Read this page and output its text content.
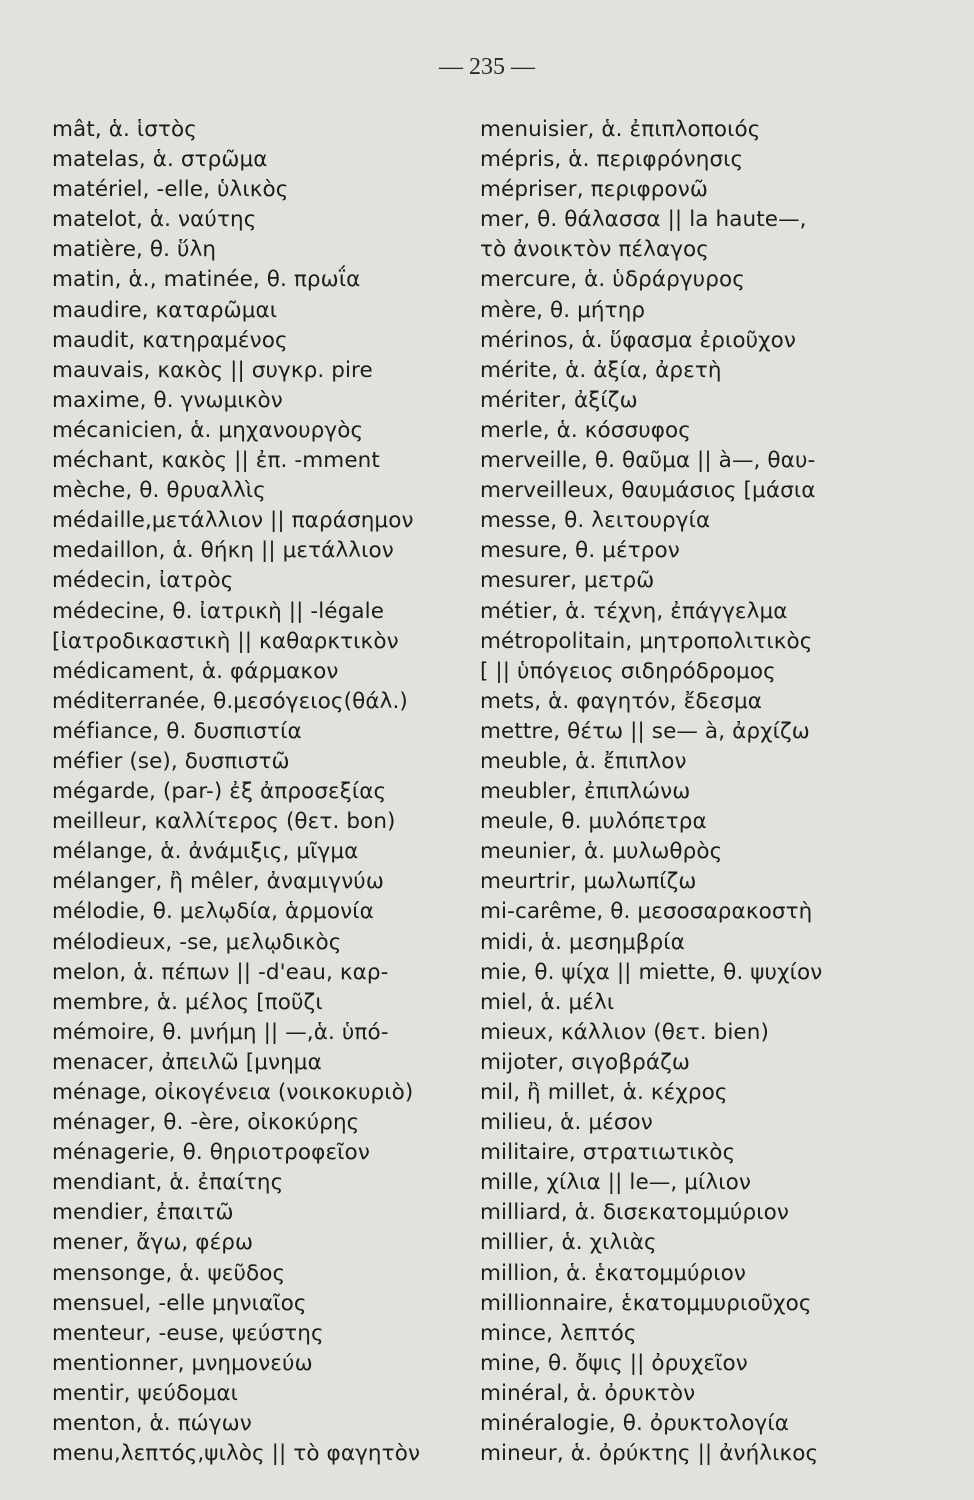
— 235 —
mât, ἁ. ἱστὸς
matelas, ἁ. στρῶμα
matériel, -elle, ὑλικὸς
matelot, ἁ. ναύτης
matière, θ. ὕλη
matin, ἁ., matinée, θ. πρωΐα
maudire, καταρῶμαι
maudit, κατηραμένος
mauvais, κακὸς || συγκρ. pire
maxime, θ. γνωμικὸν
mécanicien, ἁ. μηχανουργὸς
méchant, κακὸς || ἐπ. -mment
mèche, θ. θρυαλλὶς
médaille,μετάλλιον || παράσημον
medaillon, ἁ. θήκη || μετάλλιον
médecin, ἰατρὸς
médecine, θ. ἰατρικὴ || -légale
[ἰατροδικαστικὴ || καθαρκτικὸν
médicament, ἁ. φάρμακον
méditerranée, θ.μεσόγειος(θάλ.)
méfiance, θ. δυσπιστία
méfier (se), δυσπιστῶ
mégarde, (par-) ἐξ ἀπροσεξίας
meilleur, καλλίτερος (θετ. bon)
mélange, ἁ. ἀνάμιξις, μῖγμα
mélanger, ἢ mêler, ἀναμιγνύω
mélodie, θ. μελῳδία, ἁρμονία
mélodieux, -se, μελῳδικὸς
melon, ἁ. πέπων || -d'eau, καρ-
membre, ἁ. μέλος [ποῦζι
mémoire, θ. μνήμη || —,ἁ. ὑπό-
menacer, ἀπειλῶ [μνημα
ménage, οἰκογένεια (νοικοκυριὸ)
ménager, θ. -ère, οἰκοκύρης
ménagerie, θ. θηριοτροφεῖον
mendiant, ἁ. ἐπαίτης
mendier, ἐπαιτῶ
mener, ἄγω, φέρω
mensonge, ἁ. ψεῦδος
mensuel, -elle μηνιαῖος
menteur, -euse, ψεύστης
mentionner, μνημονεύω
mentir, ψεύδομαι
menton, ἁ. πώγων
menu,λεπτός,ψιλὸς || τὸ φαγητὸν
menuisier, ἁ. ἐπιπλοποιός
mépris, ἁ. περιφρόνησις
mépriser, περιφρονῶ
mer, θ. θάλασσα || la haute—,
τὸ ἀνοικτὸν πέλαγος
mercure, ἁ. ὑδράργυρος
mère, θ. μήτηρ
mérinos, ἁ. ὕφασμα ἐριοῦχον
mérite, ἁ. ἀξία, ἀρετὴ
mériter, ἀξίζω
merle, ἁ. κόσσυφος
merveille, θ. θαῦμα || à—, θαυ-
merveilleux, θαυμάσιος [μάσια
messe, θ. λειτουργία
mesure, θ. μέτρον
mesurer, μετρῶ
métier, ἁ. τέχνη, ἐπάγγελμα
métropolitain, μητροπολιτικὸς
[ || ὑπόγειος σιδηρόδρομος
mets, ἁ. φαγητόν, ἔδεσμα
mettre, θέτω || se— à, ἀρχίζω
meuble, ἁ. ἔπιπλον
meubler, ἐπιπλώνω
meule, θ. μυλόπετρα
meunier, ἁ. μυλωθρὸς
meurtrir, μωλωπίζω
mi-carême, θ. μεσοσαρακοστὴ
midi, ἁ. μεσημβρία
mie, θ. ψίχα || miette, θ. ψυχίον
miel, ἁ. μέλι
mieux, κάλλιον (θετ. bien)
mijoter, σιγοβράζω
mil, ἢ millet, ἁ. κέχρος
milieu, ἁ. μέσον
militaire, στρατιωτικὸς
mille, χίλια || le—, μίλιον
milliard, ἁ. δισεκατομμύριον
millier, ἁ. χιλιὰς
million, ἁ. ἑκατομμύριον
millionnaire, ἑκατομμυριοῦχος
mince, λεπτός
mine, θ. ὄψις || ὀρυχεῖον
minéral, ἁ. ὀρυκτὸν
minéralogie, θ. ὀρυκτολογία
mineur, ἁ. ὀρύκτης || ἀνήλικος
